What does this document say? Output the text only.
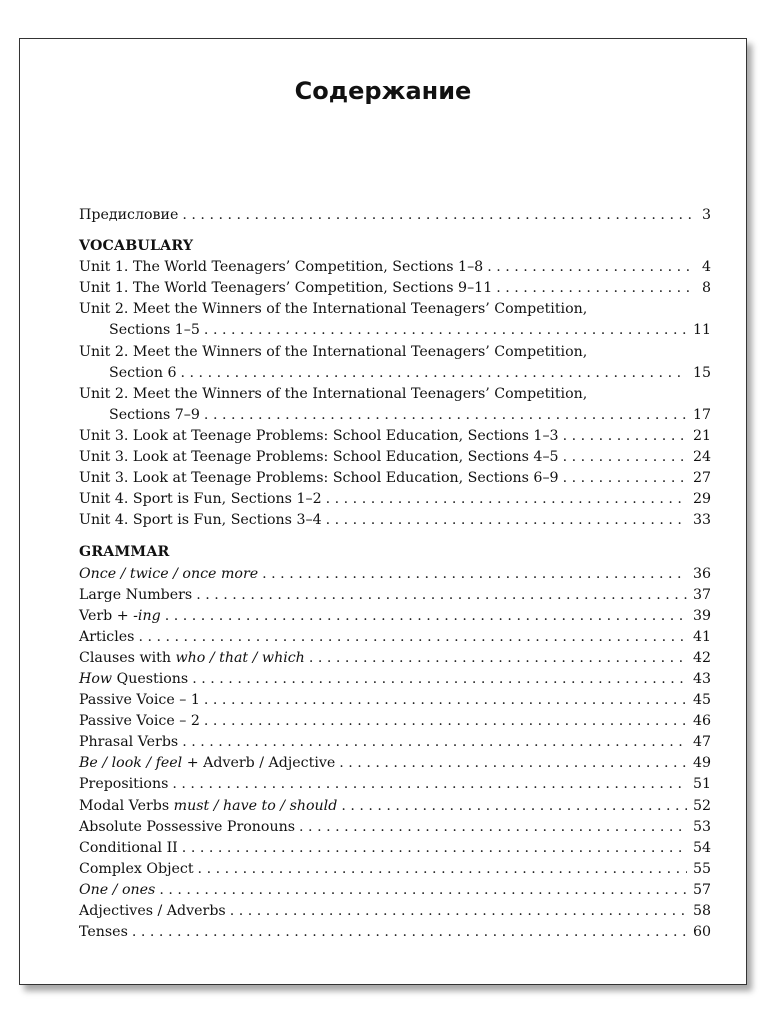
Содержание
Предисловие . . .	3
VOCABULARY
Unit 1. The World Teenagers’ Competition, Sections 1–8 . . .	4
Unit 1. The World Teenagers’ Competition, Sections 9–11 . . .	8
Unit 2. Meet the Winners of the International Teenagers’ Competition,
Sections 1–5 . . .	11
Unit 2. Meet the Winners of the International Teenagers’ Competition,
Section 6 . . .	15
Unit 2. Meet the Winners of the International Teenagers’ Competition,
Sections 7–9 . . .	17
Unit 3. Look at Teenage Problems: School Education, Sections 1–3 . . .	21
Unit 3. Look at Teenage Problems: School Education, Sections 4–5 . . .	24
Unit 3. Look at Teenage Problems: School Education, Sections 6–9 . . .	27
Unit 4. Sport is Fun, Sections 1–2 . . .	29
Unit 4. Sport is Fun, Sections 3–4 . . .	33
GRAMMAR
Once / twice / once more . . .	36
Large Numbers . . .	37
Verb + -ing . . .	39
Articles . . .	41
Clauses with who / that / which . . .	42
How Questions . . .	43
Passive Voice – 1 . . .	45
Passive Voice – 2 . . .	46
Phrasal Verbs . . .	47
Be / look / feel + Adverb / Adjective . . .	49
Prepositions . . .	51
Modal Verbs must / have to / should . . .	52
Absolute Possessive Pronouns . . .	53
Conditional II . . .	54
Complex Object . . .	55
One / ones . . .	57
Adjectives / Adverbs . . .	58
Tenses . . .	60
